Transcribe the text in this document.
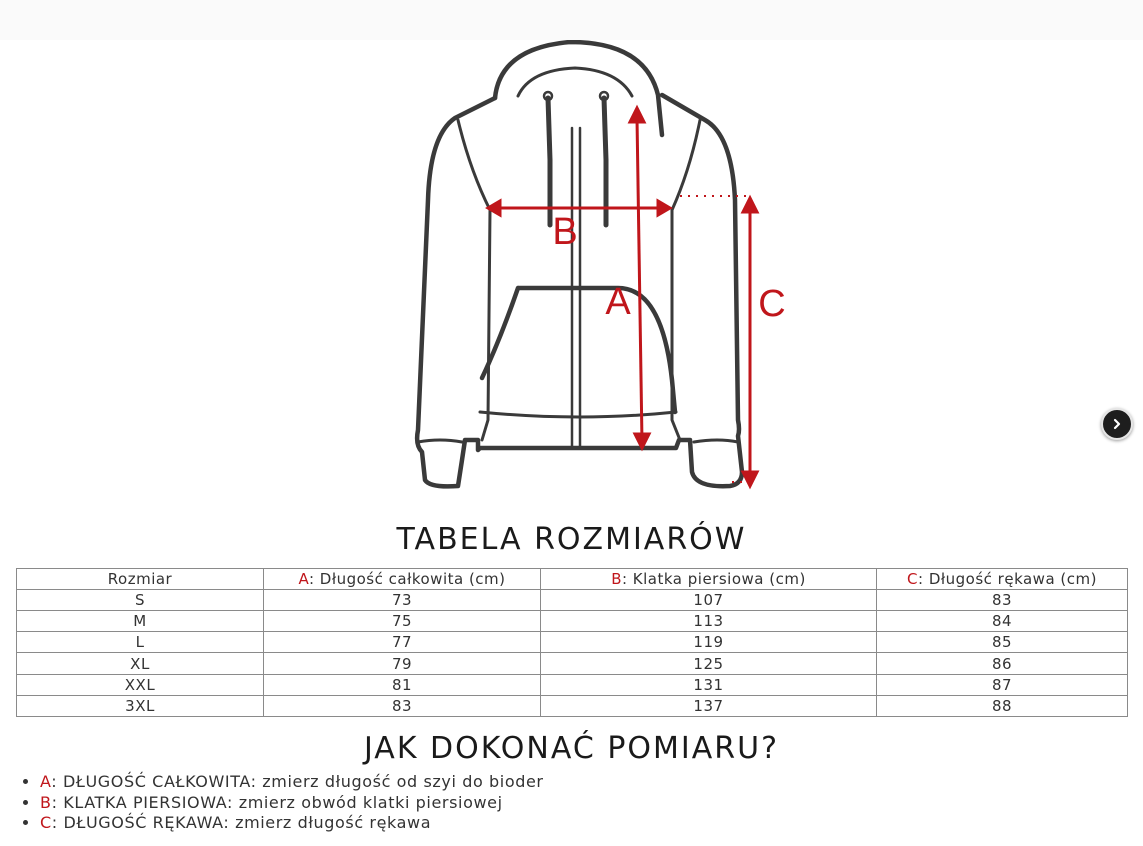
B
A	C
TABELA ROZMIARÓW
Rozmiar	A: Długość całkowita (cm)	B: Klatka piersiowa (cm)	C: Długość rękawa (cm)
S	73	107	83
M	75	113	84
L	77	119	85
XL	79	125	86
XXL	81	131	87
3XL	83	137	88
JAK DOKONAĆ POMIARU?
• A: DŁUGOŚĆ CAŁKOWITA: zmierz długość od szyi do bioder
• B: KLATKA PIERSIOWA: zmierz obwód klatki piersiowej
• C: DŁUGOŚĆ RĘKAWA: zmierz długość rękawa
